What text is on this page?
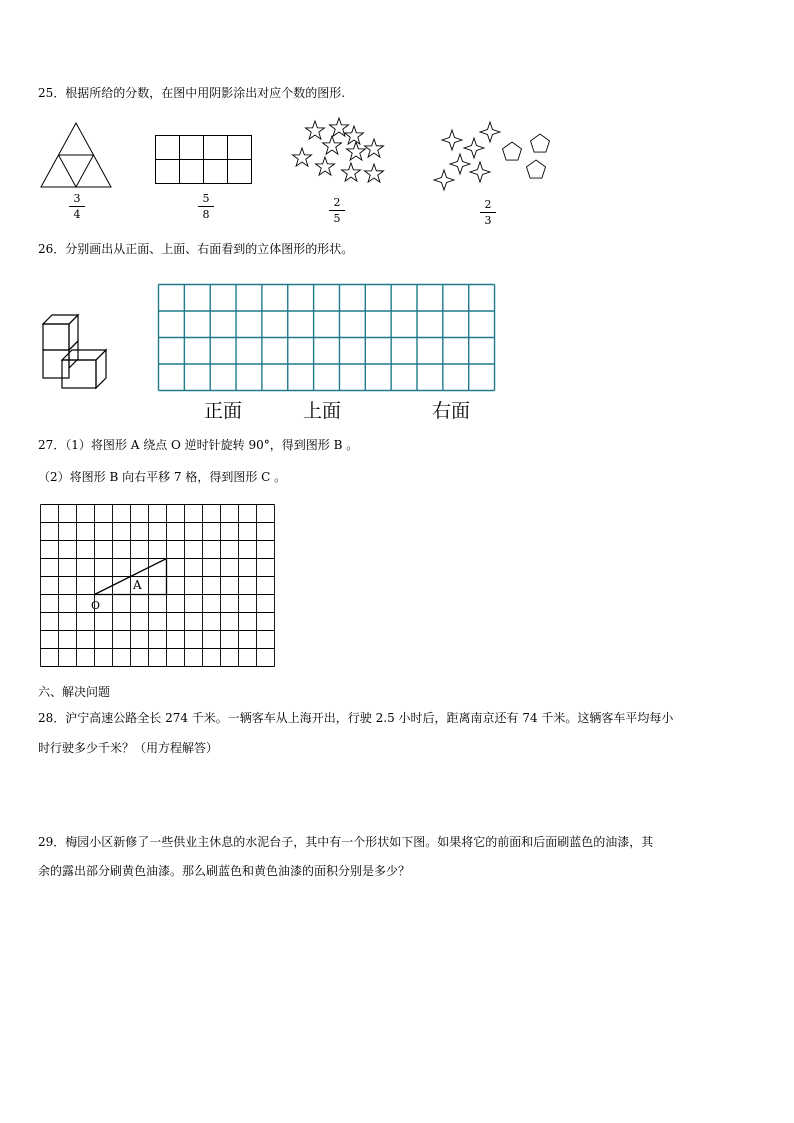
25．根据所给的分数，在图中用阴影涂出对应个数的图形.
3
4
5
8
2
5
2
3
26．分别画出从正面、上面、右面看到的立体图形的形状。
正面	上面	右面
27．（1）将图形 A 绕点 O 逆时针旋转 90°，得到图形 B 。
（2）将图形 B 向右平移 7 格，得到图形 C 。
A
O
六、解决问题
28．沪宁高速公路全长 274 千米。一辆客车从上海开出，行驶 2.5 小时后，距离南京还有 74 千米。这辆客车平均每小
时行驶多少千米？（用方程解答）
29．梅园小区新修了一些供业主休息的水泥台子，其中有一个形状如下图。如果将它的前面和后面刷蓝色的油漆，其
余的露出部分刷黄色油漆。那么刷蓝色和黄色油漆的面积分别是多少？
